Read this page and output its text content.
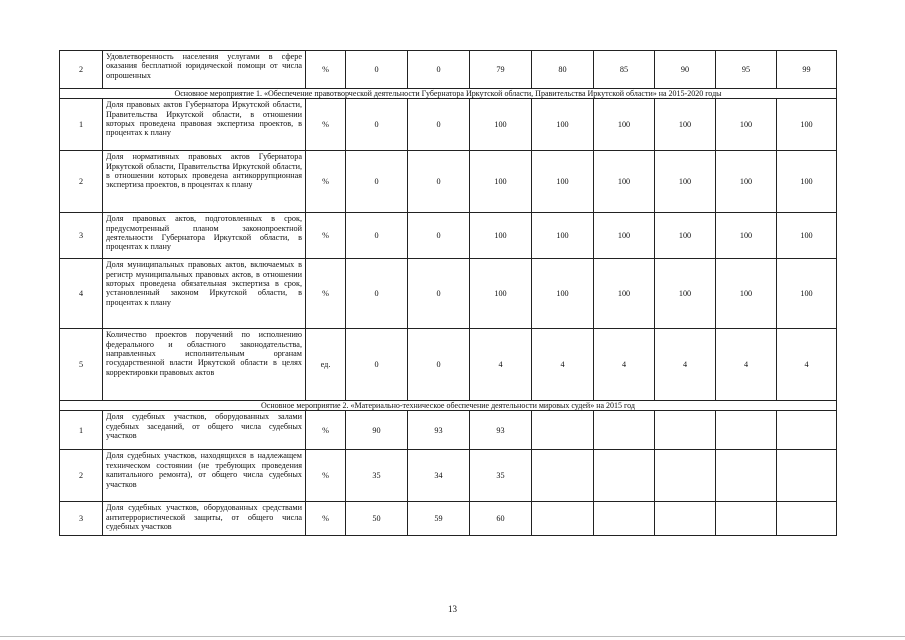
2	Удовлетворенность населения услугами в сфере оказания бесплатной юридической помощи от числа опрошенных	%	0	0	79	80	85	90	95	99
Основное мероприятие 1. «Обеспечение правотворческой деятельности Губернатора Иркутской области, Правительства Иркутской области» на 2015-2020 годы										
1	Доля правовых актов Губернатора Иркутской области, Правительства Иркутской области, в отношении которых проведена правовая экспертиза проектов, в процентах к плану	%	0	0	100	100	100	100	100	100
2	Доля нормативных правовых актов Губернатора Иркутской области, Правительства Иркутской области, в отношении которых проведена антикоррупционная экспертиза проектов, в процентах к плану	%	0	0	100	100	100	100	100	100
3	Доля правовых актов, подготовленных в срок, предусмотренный планом законопроектной деятельности Губернатора Иркутской области, в процентах к плану	%	0	0	100	100	100	100	100	100
4	Доля муниципальных правовых актов, включаемых в регистр муниципальных правовых актов, в отношении которых проведена обязательная экспертиза в срок, установленный законом Иркутской области, в процентах к плану	%	0	0	100	100	100	100	100	100
5	Количество проектов поручений по исполнению федерального и областного законодательства, направленных исполнительным органам государственной власти Иркутской области в целях корректировки правовых актов	ед.	0	0	4	4	4	4	4	4
Основное мероприятие 2. «Материально-техническое обеспечение деятельности мировых судей» на 2015 год										
1	Доля судебных участков, оборудованных залами судебных заседаний, от общего числа судебных участков	%	90	93	93					
2	Доля судебных участков, находящихся в надлежащем техническом состоянии (не требующих проведения капитального ремонта), от общего числа судебных участков	%	35	34	35					
3	Доля судебных участков, оборудованных средствами антитеррористической защиты, от общего числа судебных участков	%	50	59	60					
13
